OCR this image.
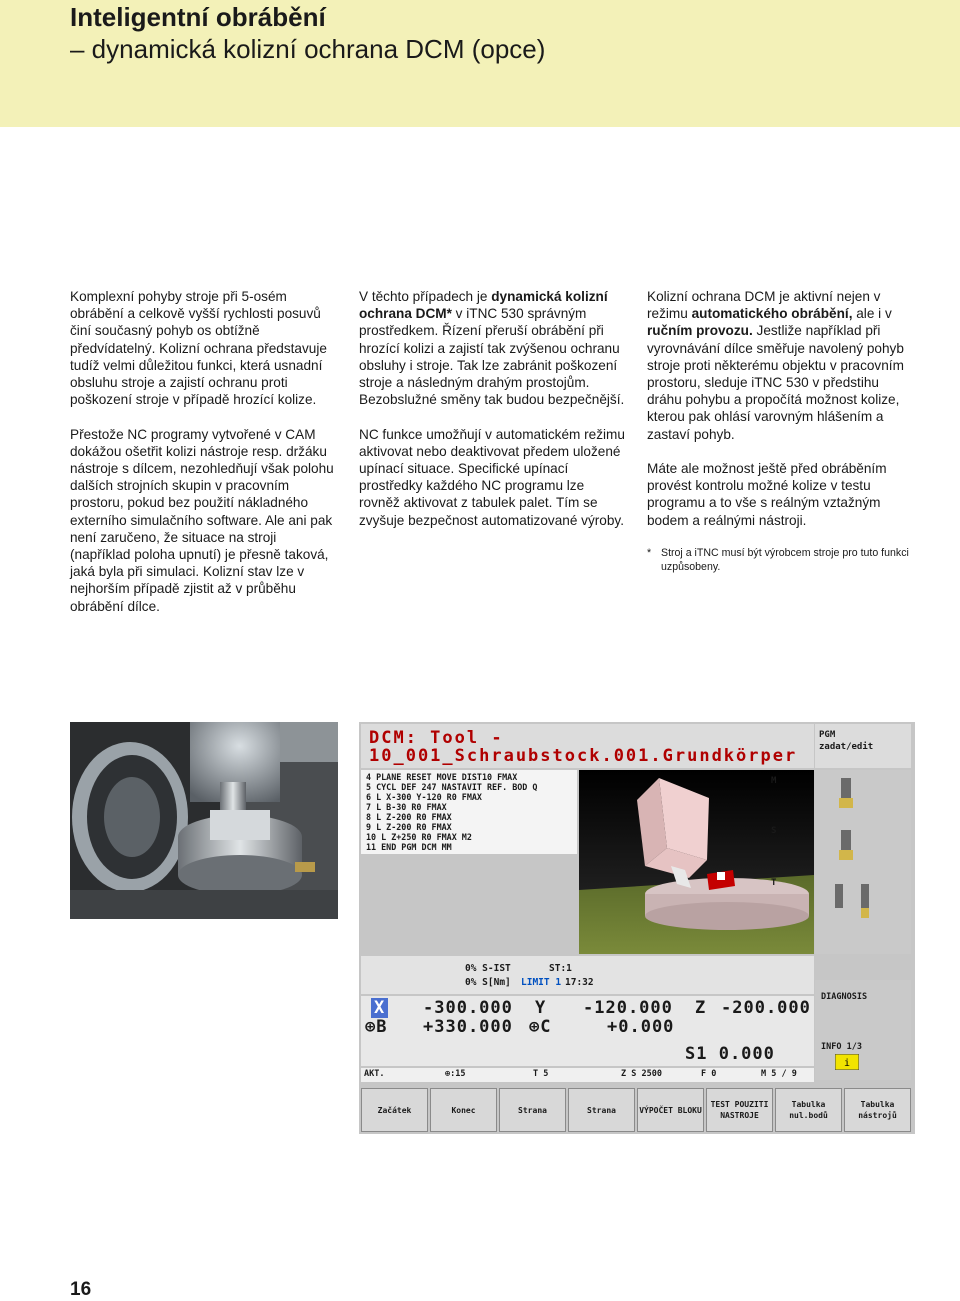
Inteligentní obrábění
– dynamická kolizní ochrana DCM (opce)

Komplexní pohyby stroje při 5-osém obrábění a celkově vyšší rychlosti posuvů činí současný pohyb os obtížně předvídatelný. Kolizní ochrana představuje tudíž velmi důležitou funkci, která usnadní obsluhu stroje a zajistí ochranu proti poškození stroje v případě hrozící kolize.

Přestože NC programy vytvořené v CAM dokážou ošetřit kolizi nástroje resp. držáku nástroje s dílcem, nezohledňují však polohu dalších strojních skupin v pracovním prostoru, pokud bez použití nákladného externího simulačního software. Ale ani pak není zaručeno, že situace na stroji (například poloha upnutí) je přesně taková, jaká byla při simulaci. Kolizní stav lze v nejhorším případě zjistit až v průběhu obrábění dílce.

V těchto případech je dynamická kolizní ochrana DCM* v iTNC 530 správným prostředkem. Řízení přeruší obrábění při hrozící kolizi a zajistí tak zvýšenou ochranu obsluhy i stroje. Tak lze zabránit poškození stroje a následným drahým prostojům. Bezobslužné směny tak budou bezpečnější.

NC funkce umožňují v automatickém režimu aktivovat nebo deaktivovat předem uložené upínací situace. Specifické upínací prostředky každého NC programu lze rovněž aktivovat z tabulek palet. Tím se zvyšuje bezpečnost automatizované výroby.

Kolizní ochrana DCM je aktivní nejen v režimu automatického obrábění, ale i v ručním provozu. Jestliže například při vyrovnávání dílce směřuje navolený pohyb stroje proti některému objektu v pracovním prostoru, sleduje iTNC 530 v předstihu dráhu pohybu a propočítá možnost kolize, kterou pak ohlásí varovným hlášením a zastaví pohyb.

Máte ale možnost ještě před obráběním provést kontrolu možné kolize v testu programu a to vše s reálným vztažným bodem a reálnými nástroji.

* Stroj a iTNC musí být výrobcem stroje pro tuto funkci uzpůsobeny.
DCM: Tool -
10_001_Schraubstock.001.Grundkörper
PGM
zadat/edit
4 PLANE RESET MOVE DIST10 FMAX
5 CYCL DEF 247 NASTAVIT REF. BOD Q
6 L X-300 Y-120 R0 FMAX
7 L B-30 R0 FMAX
8 L Z-200 R0 FMAX
9 L Z-200 R0 FMAX
10 L Z+250 R0 FMAX M2
11 END PGM DCM MM
M
S
T
0% S-IST	ST:1
0% S[Nm] LIMIT 1 17:32
X -300.000 Y -120.000 Z -200.000
⊕B +330.000 ⊕C	+0.000
S1 0.000
AKT.	⊕:15	T 5	Z S 2500	F 0	M 5 / 9
DIAGNOSIS
INFO 1/3
i
Začátek	Konec	Strana	Strana	VÝPOČET BLOKU
TEST POUZITI NASTROJE
Tabulka nul.bodů
Tabulka nástrojů
16
